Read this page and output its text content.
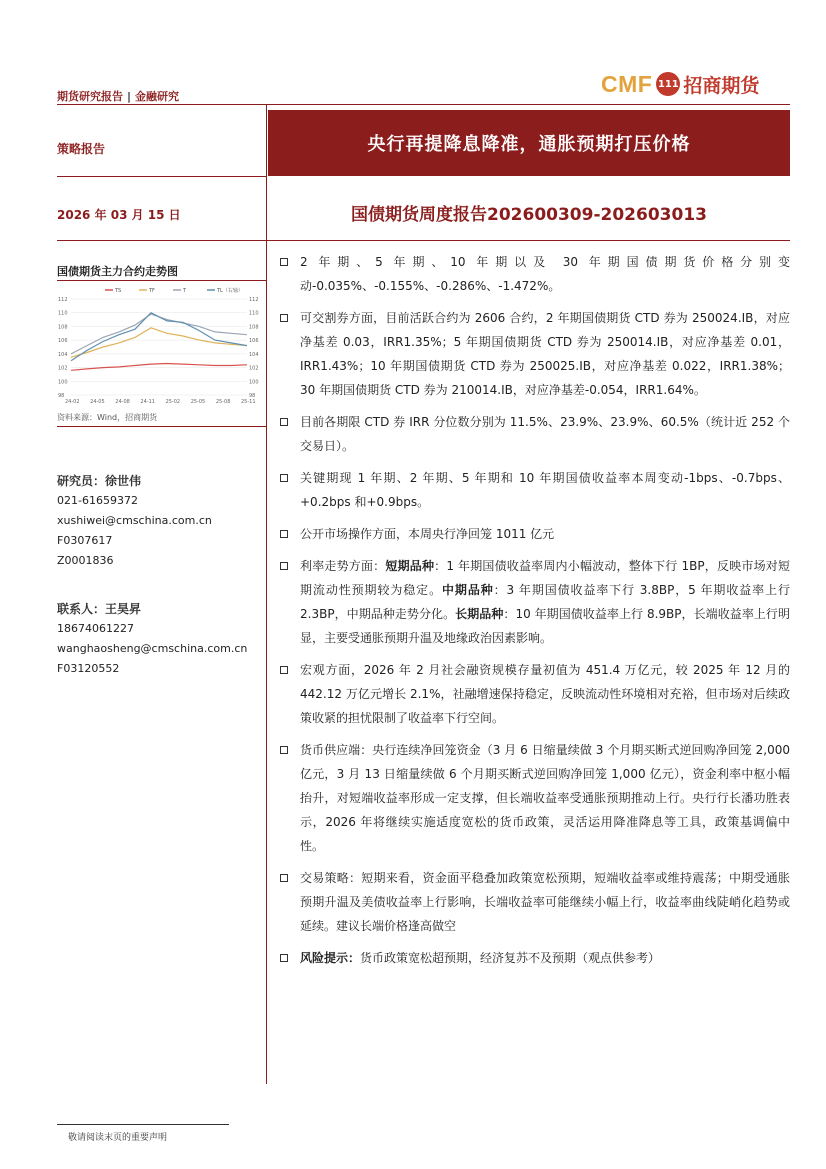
期货研究报告 | 金融研究	CMF 111 招商期货
策略报告	央行再提降息降准，通胀预期打压价格
2026 年 03 月 15 日	国债期货周度报告202600309-202603013
国债期货主力合约走势图
TS	TF	T	TL（右轴）
112	112
110	110
108	108
106	106
104	104
102	102
100	100
98	98
24-02 24-05 24-08 24-11 25-02 25-05 25-08 25-11
资料来源：Wind，招商期货
研究员：徐世伟
021-61659372
xushiwei@cmschina.com.cn
F0307617
Z0001836
联系人：王昊昇
18674061227
wanghaosheng@cmschina.com.cn
F03120552
2 年期、5 年期、10 年期以及 30 年期国债期货价格分别变动-0.035%、-0.155%、-0.286%、-1.472%。
可交割券方面，目前活跃合约为 2606 合约，2 年期国债期货 CTD 券为 250024.IB，对应净基差 0.03，IRR1.35%；5 年期国债期货 CTD 券为 250014.IB，对应净基差 0.01，IRR1.43%；10 年期国债期货 CTD 券为 250025.IB，对应净基差 0.022，IRR1.38%；30 年期国债期货 CTD 券为 210014.IB，对应净基差-0.054，IRR1.64%。
目前各期限 CTD 券 IRR 分位数分别为 11.5%、23.9%、23.9%、60.5%（统计近 252 个交易日）。
关键期现 1 年期、2 年期、5 年期和 10 年期国债收益率本周变动-1bps、-0.7bps、+0.2bps 和+0.9bps。
公开市场操作方面，本周央行净回笼 1011 亿元
利率走势方面：短期品种：1 年期国债收益率周内小幅波动，整体下行 1BP，反映市场对短期流动性预期较为稳定。中期品种：3 年期国债收益率下行 3.8BP，5 年期收益率上行 2.3BP，中期品种走势分化。长期品种：10 年期国债收益率上行 8.9BP，长端收益率上行明显，主要受通胀预期升温及地缘政治因素影响。
宏观方面，2026 年 2 月社会融资规模存量初值为 451.4 万亿元，较 2025 年 12 月的 442.12 万亿元增长 2.1%，社融增速保持稳定，反映流动性环境相对充裕，但市场对后续政策收紧的担忧限制了收益率下行空间。
货币供应端：央行连续净回笼资金（3 月 6 日缩量续做 3 个月期买断式逆回购净回笼 2,000 亿元，3 月 13 日缩量续做 6 个月期买断式逆回购净回笼 1,000 亿元），资金利率中枢小幅抬升，对短端收益率形成一定支撑，但长端收益率受通胀预期推动上行。央行行长潘功胜表示，2026 年将继续实施适度宽松的货币政策，灵活运用降准降息等工具，政策基调偏中性。
交易策略：短期来看，资金面平稳叠加政策宽松预期，短端收益率或维持震荡；中期受通胀预期升温及美债收益率上行影响，长端收益率可能继续小幅上行，收益率曲线陡峭化趋势或延续。建议长端价格逢高做空
风险提示：货币政策宽松超预期，经济复苏不及预期（观点供参考）
敬请阅读末页的重要声明
